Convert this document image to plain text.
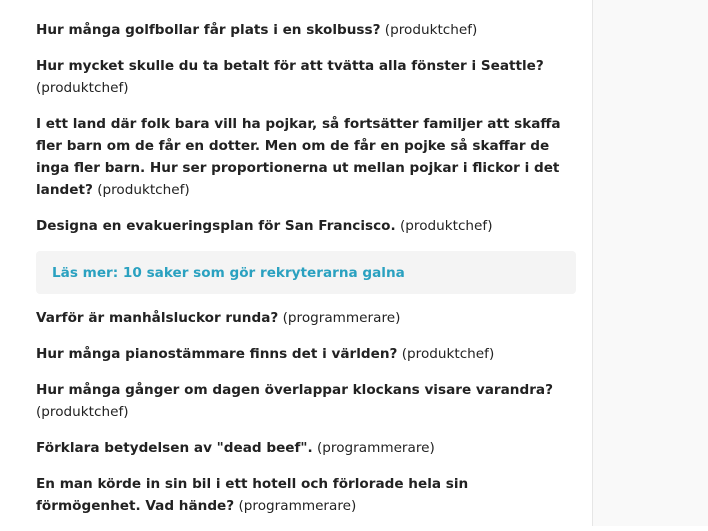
Hur många golfbollar får plats i en skolbuss? (produktchef)

Hur mycket skulle du ta betalt för att tvätta alla fönster i Seattle? (produktchef)

I ett land där folk bara vill ha pojkar, så fortsätter familjer att skaffa fler barn om de får en dotter. Men om de får en pojke så skaffar de inga fler barn. Hur ser proportionerna ut mellan pojkar i flickor i det landet? (produktchef)

Designa en evakueringsplan för San Francisco. (produktchef)

Läs mer: 10 saker som gör rekryterarna galna

Varför är manhålsluckor runda? (programmerare)

Hur många pianostämmare finns det i världen? (produktchef)

Hur många gånger om dagen överlappar klockans visare varandra? (produktchef)

Förklara betydelsen av "dead beef". (programmerare)

En man körde in sin bil i ett hotell och förlorade hela sin förmögenhet. Vad hände? (programmerare)
